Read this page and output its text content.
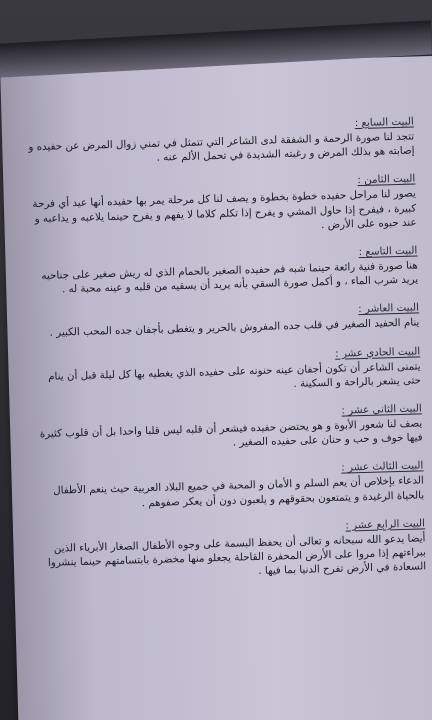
البيت السابع :
تتجد لنا صورة الرحمة و الشفقة لدى الشاعر التي تتمثل في تمني زوال المرض عن حفيده و إصابته هو بذلك المرض و رغبته الشديدة في تحمل الألم عنه .
البيت الثامن :
يصور لنا مراحل حفيده خطوة بخطوة و يصف لنا كل مرحلة يمر بها حفيده أنها عيد أي فرحة كبيرة ، فيفرح إذا حاول المشي و يفرح إذا تكلم كلاما لا يفهم و يفرح حينما يلاعبه و يداعبه و عند حبوه على الأرض .
البيت التاسع :
هنا صورة فنية رائعة حينما شبه فم حفيده الصغير بالحمام الذي له ريش صغير على جناحيه يريد شرب الماء ، و أكمل صورة السقي بأنه يريد أن يسقيه من قلبه و عينه محبة له .
البيت العاشر :
ينام الحفيد الصغير في قلب جده المفروش بالحرير و يتغطى بأجفان جده المحب الكبير .
البيت الحادي عشر :
يتمنى الشاعر أن تكون أجفان عينه حنونه على حفيده الذي يغطيه بها كل ليلة قبل أن ينام حتى يشعر بالراحة و السكينة .
البيت الثاني عشر :
يصف لنا شعور الأبوة و هو يحتضن حفيده فيشعر أن قلبه ليس قلبا واحدا بل أن قلوب كثيرة فيها خوف و حب و حنان على حفيده الصغير .
البيت الثالث عشر :
الدعاء بإخلاص أن يعم السلم و الأمان و المحبة في جميع البلاد العربية حيث ينعم الأطفال بالحياة الرغيدة و يتمتعون بحقوقهم و يلعبون دون أن يعكر صفوهم .
البيت الرابع عشر :
أيضا يدعو الله سبحانه و تعالى أن يحفظ البسمة على وجوه الأطفال الصغار الأبرياء الذين ببراءتهم إذا مروا على الأرض المحفرة القاحلة يجعلو منها مخضرة بابتسامتهم حينما ينشروا السعادة في الأرض تفرح الدنيا بما فيها .
